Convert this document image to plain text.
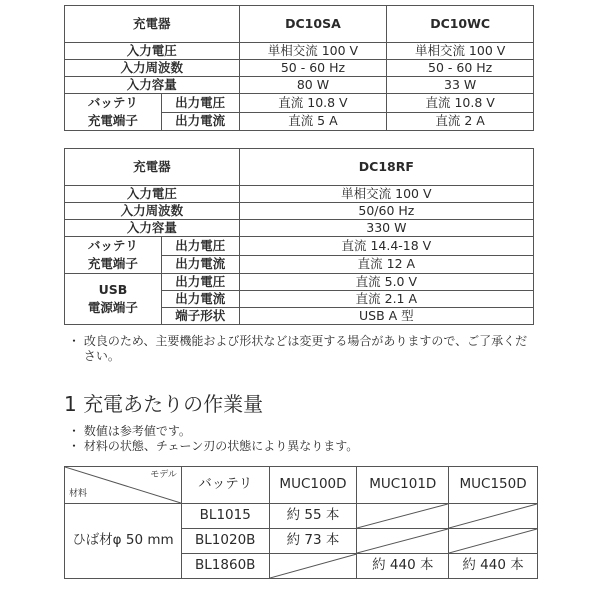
充電器		DC10SA	DC10WC
入力電圧		単相交流 100 V	単相交流 100 V
入力周波数		50 - 60 Hz	50 - 60 Hz
入力容量		80 W	33 W
バッテリ
充電端子	出力電圧	直流 10.8 V	直流 10.8 V
	出力電流	直流 5 A	直流 2 A
充電器		DC18RF
入力電圧		単相交流 100 V
入力周波数		50/60 Hz
入力容量		330 W
バッテリ
充電端子	出力電圧	直流 14.4-18 V
	出力電流	直流 12 A
USB
電源端子	出力電圧	直流 5.0 V
	出力電流	直流 2.1 A
	端子形状	USB A 型
・ 改良のため、主要機能および形状などは変更する場合がありますので、ご了承くだ
　 さい。
1 充電あたりの作業量
・ 数値は参考値です。
・ 材料の状態、チェーン刃の状態により異なります。
モデル
材料	バッテリ	MUC100D	MUC101D	MUC150D
ひば材φ 50 mm	BL1015	約 55 本	

	BL1020B	約 73 本	

	BL1860B		約 440 本	約 440 本
